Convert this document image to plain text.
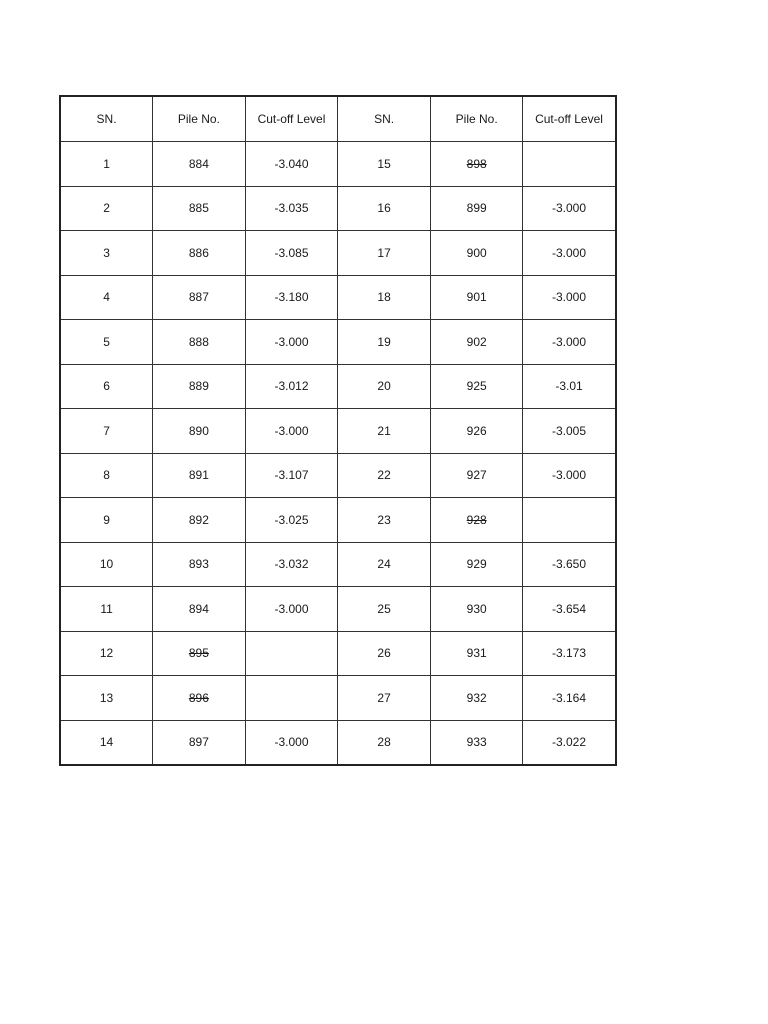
SN.	Pile No.	Cut-off Level	SN.	Pile No.	Cut-off Level
1	884	-3.040	15	898	
2	885	-3.035	16	899	-3.000
3	886	-3.085	17	900	-3.000
4	887	-3.180	18	901	-3.000
5	888	-3.000	19	902	-3.000
6	889	-3.012	20	925	-3.01
7	890	-3.000	21	926	-3.005
8	891	-3.107	22	927	-3.000
9	892	-3.025	23	928	
10	893	-3.032	24	929	-3.650
11	894	-3.000	25	930	-3.654
12	895		26	931	-3.173
13	896		27	932	-3.164
14	897	-3.000	28	933	-3.022
